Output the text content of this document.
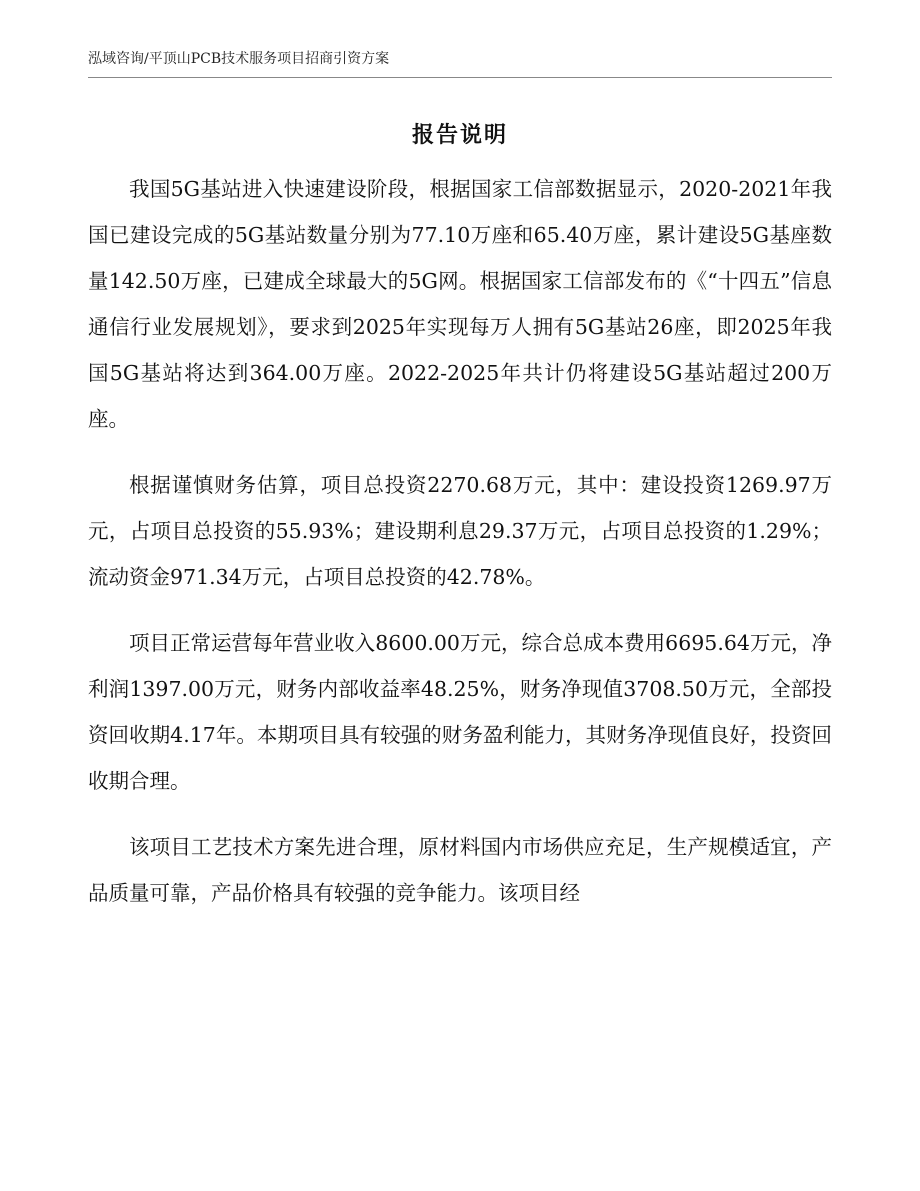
泓域咨询/平顶山PCB技术服务项目招商引资方案
报告说明

我国5G基站进入快速建设阶段，根据国家工信部数据显示，2020-2021年我国已建设完成的5G基站数量分别为77.10万座和65.40万座，累计建设5G基座数量142.50万座，已建成全球最大的5G网。根据国家工信部发布的《“十四五”信息通信行业发展规划》，要求到2025年实现每万人拥有5G基站26座，即2025年我国5G基站将达到364.00万座。2022-2025年共计仍将建设5G基站超过200万座。

根据谨慎财务估算，项目总投资2270.68万元，其中：建设投资1269.97万元，占项目总投资的55.93%；建设期利息29.37万元，占项目总投资的1.29%；流动资金971.34万元，占项目总投资的42.78%。

项目正常运营每年营业收入8600.00万元，综合总成本费用6695.64万元，净利润1397.00万元，财务内部收益率48.25%，财务净现值3708.50万元，全部投资回收期4.17年。本期项目具有较强的财务盈利能力，其财务净现值良好，投资回收期合理。

该项目工艺技术方案先进合理，原材料国内市场供应充足，生产规模适宜，产品质量可靠，产品价格具有较强的竞争能力。该项目经
